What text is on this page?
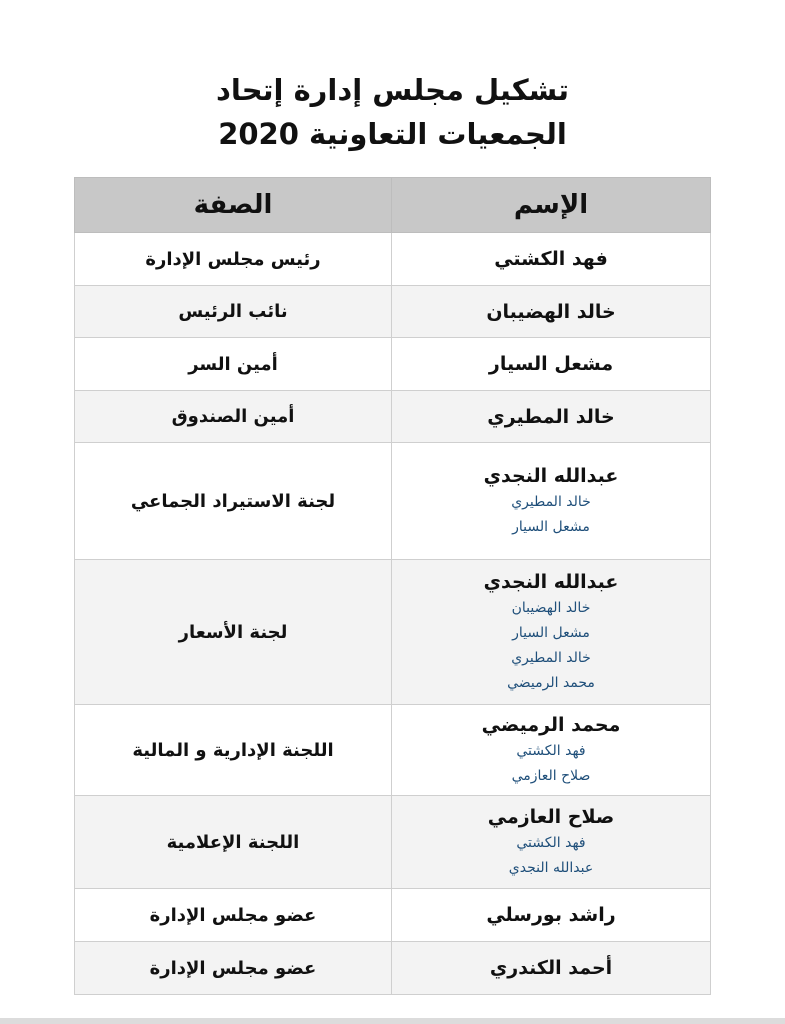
تشكيل مجلس إدارة إتحاد
الجمعيات التعاونية 2020
الإسم	الصفة

فهد الكشتي	رئيس مجلس الإدارة

خالد الهضيبان	نائب الرئيس

مشعل السيار	أمين السر

خالد المطيري	أمين الصندوق

عبدالله النجدي
خالد المطيري
مشعل السيار	لجنة الاستيراد الجماعي

عبدالله النجدي
خالد الهضيبان
مشعل السيار
خالد المطيري
محمد الرميضي	لجنة الأسعار

محمد الرميضي
فهد الكشتي
صلاح العازمي	اللجنة الإدارية و المالية

صلاح العازمي
فهد الكشتي
عبدالله النجدي	اللجنة الإعلامية

راشد بورسلي	عضو مجلس الإدارة

أحمد الكندري	عضو مجلس الإدارة
